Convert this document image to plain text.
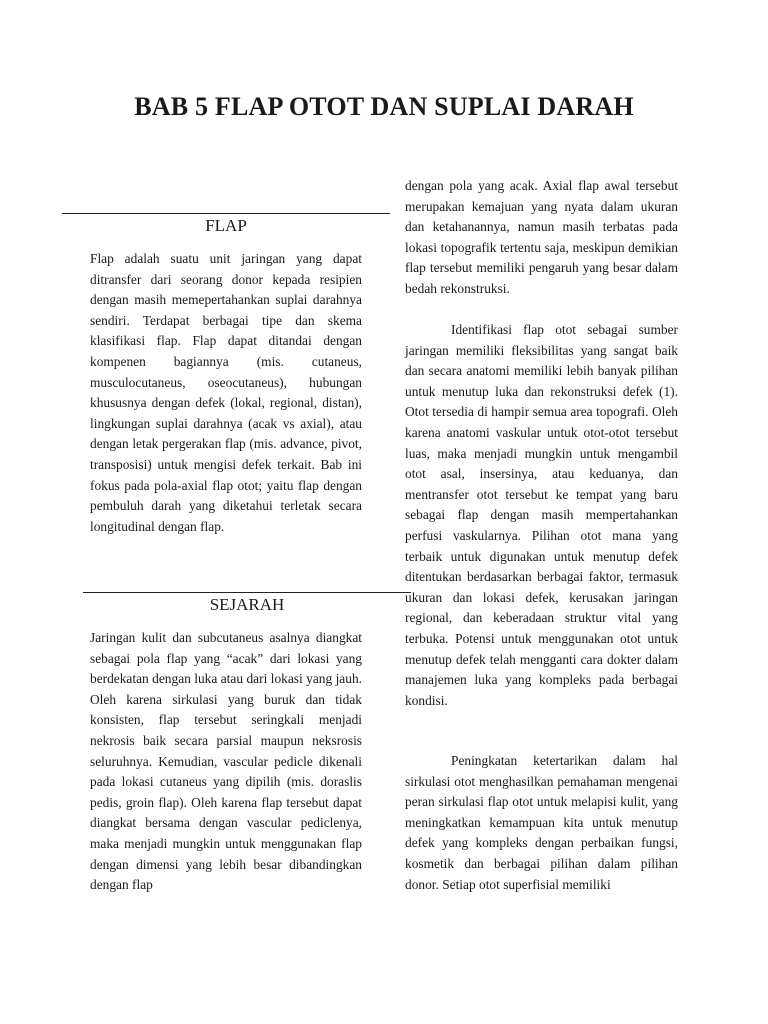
BAB 5 FLAP OTOT DAN SUPLAI DARAH
FLAP

Flap adalah suatu unit jaringan yang dapat ditransfer dari seorang donor kepada resipien dengan masih memepertahankan suplai darahnya sendiri. Terdapat berbagai tipe dan skema klasifikasi flap. Flap dapat ditandai dengan kompenen bagiannya (mis. cutaneus, musculocutaneus, oseocutaneus), hubungan khususnya dengan defek (lokal, regional, distan), lingkungan suplai darahnya (acak vs axial), atau dengan letak pergerakan flap (mis. advance, pivot, transposisi) untuk mengisi defek terkait. Bab ini fokus pada pola-axial flap otot; yaitu flap dengan pembuluh darah yang diketahui terletak secara longitudinal dengan flap.

SEJARAH

Jaringan kulit dan subcutaneus asalnya diangkat sebagai pola flap yang “acak” dari lokasi yang berdekatan dengan luka atau dari lokasi yang jauh. Oleh karena sirkulasi yang buruk dan tidak konsisten, flap tersebut seringkali menjadi nekrosis baik secara parsial maupun neksrosis seluruhnya. Kemudian, vascular pedicle dikenali pada lokasi cutaneus yang dipilih (mis. doraslis pedis, groin flap). Oleh karena flap tersebut dapat diangkat bersama dengan vascular pediclenya, maka menjadi mungkin untuk menggunakan flap dengan dimensi yang lebih besar dibandingkan dengan flap

dengan pola yang acak. Axial flap awal tersebut merupakan kemajuan yang nyata dalam ukuran dan ketahanannya, namun masih terbatas pada lokasi topografik tertentu saja, meskipun demikian flap tersebut memiliki pengaruh yang besar dalam bedah rekonstruksi.

Identifikasi flap otot sebagai sumber jaringan memiliki fleksibilitas yang sangat baik dan secara anatomi memiliki lebih banyak pilihan untuk menutup luka dan rekonstruksi defek (1). Otot tersedia di hampir semua area topografi. Oleh karena anatomi vaskular untuk otot-otot tersebut luas, maka menjadi mungkin untuk mengambil otot asal, insersinya, atau keduanya, dan mentransfer otot tersebut ke tempat yang baru sebagai flap dengan masih mempertahankan perfusi vaskularnya. Pilihan otot mana yang terbaik untuk digunakan untuk menutup defek ditentukan berdasarkan berbagai faktor, termasuk ukuran dan lokasi defek, kerusakan jaringan regional, dan keberadaan struktur vital yang terbuka. Potensi untuk menggunakan otot untuk menutup defek telah mengganti cara dokter dalam manajemen luka yang kompleks pada berbagai kondisi.

Peningkatan ketertarikan dalam hal sirkulasi otot menghasilkan pemahaman mengenai peran sirkulasi flap otot untuk melapisi kulit, yang meningkatkan kemampuan kita untuk menutup defek yang kompleks dengan perbaikan fungsi, kosmetik dan berbagai pilihan dalam pilihan donor. Setiap otot superfisial memiliki
